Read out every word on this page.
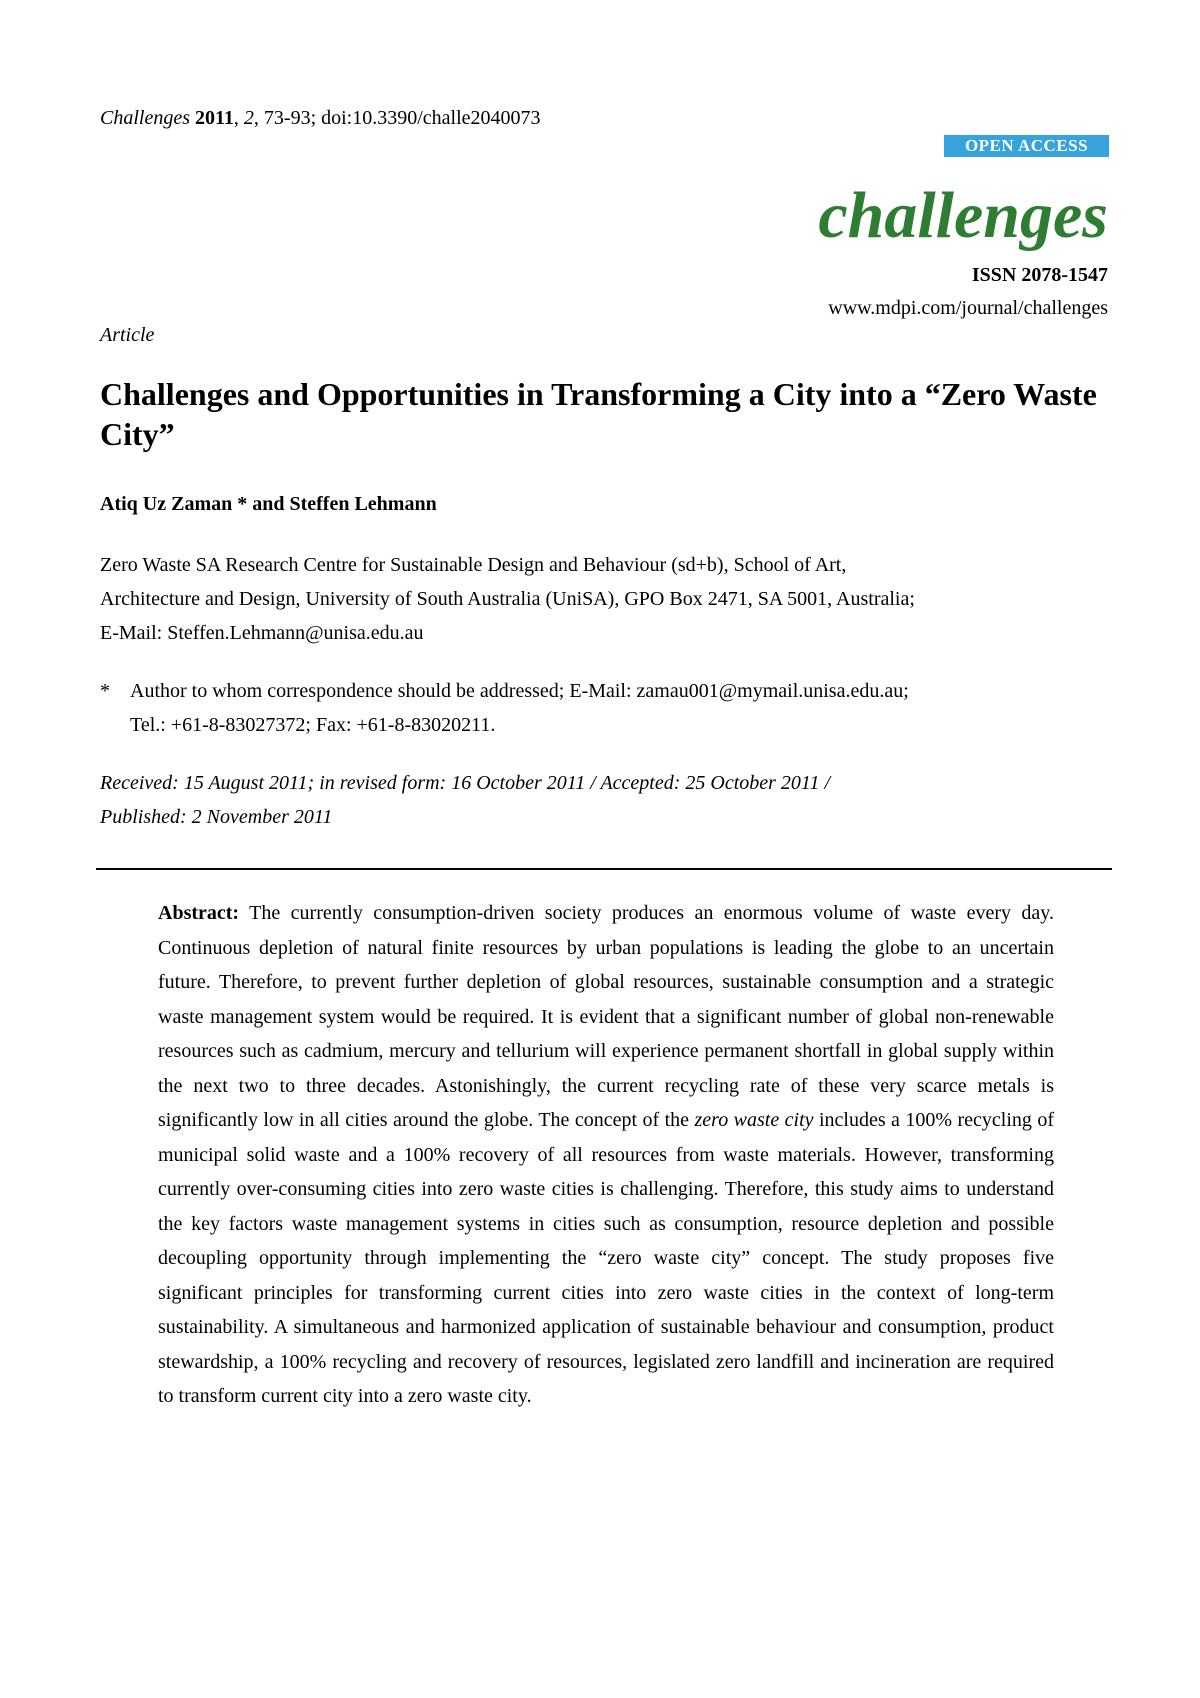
Challenges 2011, 2, 73-93; doi:10.3390/challe2040073
OPEN ACCESS
challenges
ISSN 2078-1547
www.mdpi.com/journal/challenges
Article
Challenges and Opportunities in Transforming a City into a “Zero Waste City”
Atiq Uz Zaman * and Steffen Lehmann
Zero Waste SA Research Centre for Sustainable Design and Behaviour (sd+b), School of Art,
Architecture and Design, University of South Australia (UniSA), GPO Box 2471, SA 5001, Australia;
E-Mail: Steffen.Lehmann@unisa.edu.au
* Author to whom correspondence should be addressed; E-Mail: zamau001@mymail.unisa.edu.au;
Tel.: +61-8-83027372; Fax: +61-8-83020211.
Received: 15 August 2011; in revised form: 16 October 2011 / Accepted: 25 October 2011 /
Published: 2 November 2011
Abstract: The currently consumption-driven society produces an enormous volume of waste every day. Continuous depletion of natural finite resources by urban populations is leading the globe to an uncertain future. Therefore, to prevent further depletion of global resources, sustainable consumption and a strategic waste management system would be required. It is evident that a significant number of global non-renewable resources such as cadmium, mercury and tellurium will experience permanent shortfall in global supply within the next two to three decades. Astonishingly, the current recycling rate of these very scarce metals is significantly low in all cities around the globe. The concept of the zero waste city includes a 100% recycling of municipal solid waste and a 100% recovery of all resources from waste materials. However, transforming currently over-consuming cities into zero waste cities is challenging. Therefore, this study aims to understand the key factors waste management systems in cities such as consumption, resource depletion and possible decoupling opportunity through implementing the “zero waste city” concept. The study proposes five significant principles for transforming current cities into zero waste cities in the context of long-term sustainability. A simultaneous and harmonized application of sustainable behaviour and consumption, product stewardship, a 100% recycling and recovery of resources, legislated zero landfill and incineration are required to transform current city into a zero waste city.
